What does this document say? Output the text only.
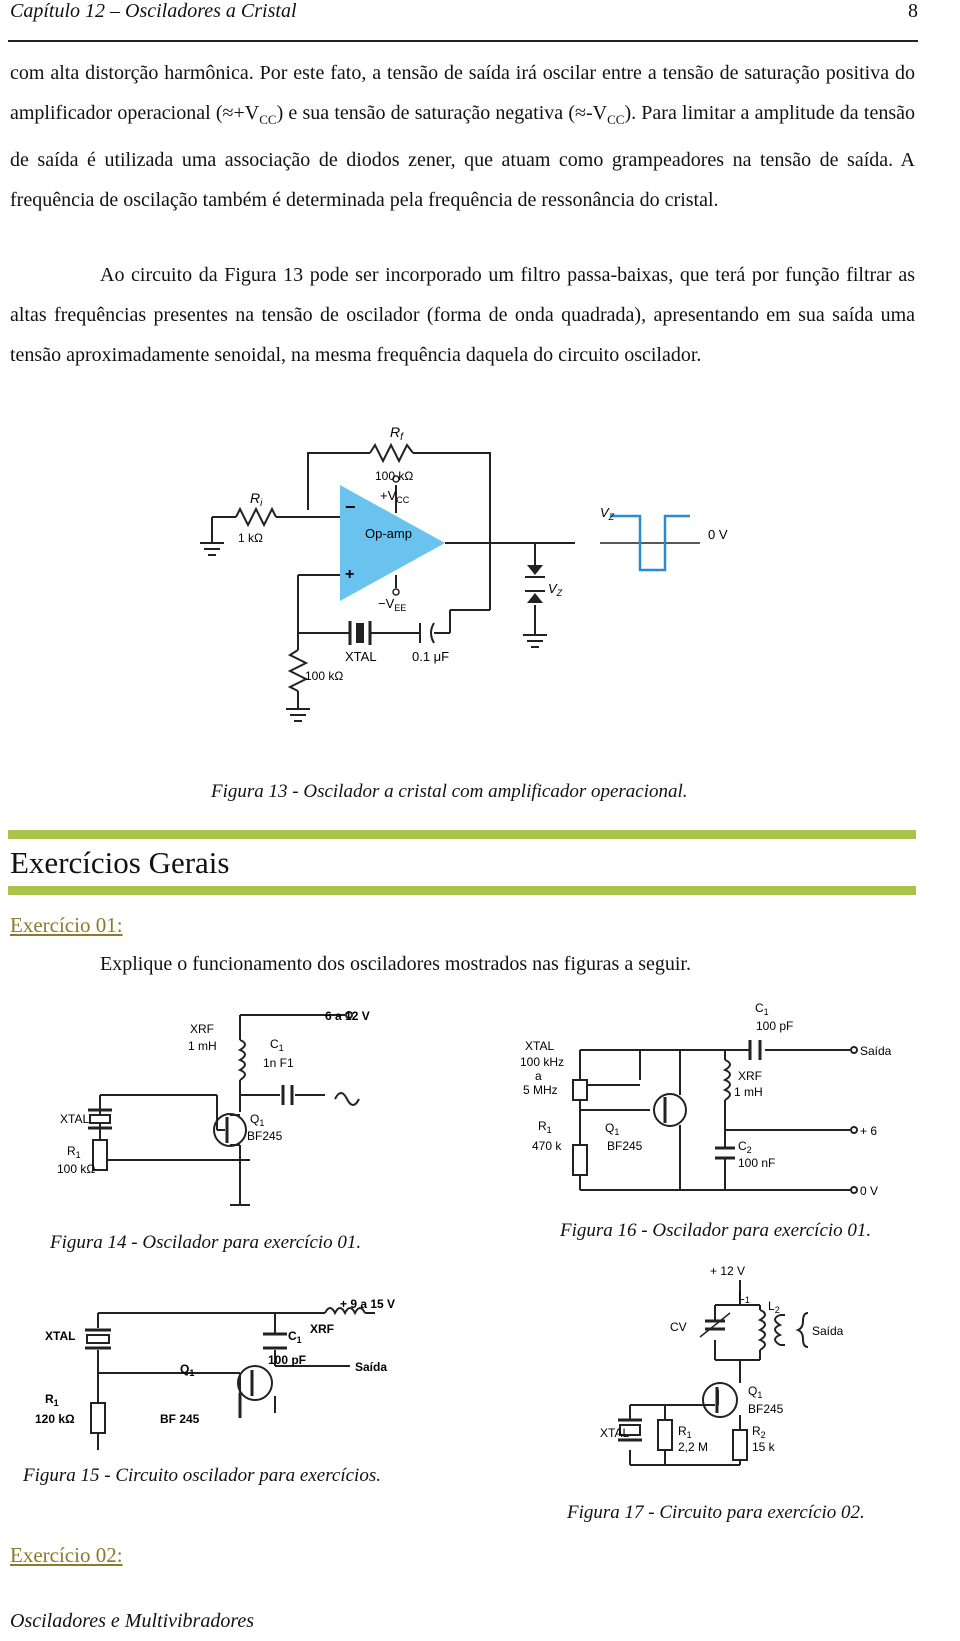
Capítulo 12 – Osciladores a Cristal	8

com alta distorção harmônica. Por este fato, a tensão de saída irá oscilar entre a tensão de saturação positiva do amplificador operacional $(\approx+V_{CC})$ e sua tensão de saturação negativa $(\approx-V_{CC})$. Para limitar a amplitude da tensão de saída é utilizada uma associação de diodos zener, que atuam como grampeadores na tensão de saída. A frequência de oscilação também é determinada pela frequência de ressonância do cristal.

Ao circuito da Figura 13 pode ser incorporado um filtro passa-baixas, que terá por função filtrar as altas frequências presentes na tensão de oscilador (forma de onda quadrada), apresentando em sua saída uma tensão aproximadamente senoidal, na mesma frequência daquela do circuito oscilador.

$R_f$
100 kΩ
$+V_{CC}$
$R_i$
1 kΩ
−
+
Op-amp
$-V_{EE}$
XTAL	0.1 μF
100 kΩ
$V_Z$
$V_Z$
0 V
Figura 13 - Oscilador a cristal com amplificador operacional.
Exercícios Gerais
Exercício 01:
Explique o funcionamento dos osciladores mostrados nas figuras a seguir.
XRF
1 mH
6 a 12 V
$C_1$
1n F1
XTAL	$Q_1$
BF245
$R_1$
100 kΩ
Figura 14 - Oscilador para exercício 01.
$C_1$
100 pF
Saída
XTAL
100 kHz
a
5 MHz
XRF
1 mH
$R_1$
470 k
$Q_1$
BF245
+ 6
$C_2$
100 nF
0 V
Figura 16 - Oscilador para exercício 01.
+ 9 a 15 V
XRF
$C_1$
100 pF
XTAL
$Q_1$
BF 245
Saída
$R_1$
120 kΩ
Figura 15 - Circuito oscilador para exercícios.
+ 12 V
$L_1$ $L_2$
CV	Saída
$Q_1$
BF245
XTAL	$R_1$
2,2 M
$R_2$
15 k
Figura 17 - Circuito para exercício 02.
Exercício 02:
Osciladores e Multivibradores
